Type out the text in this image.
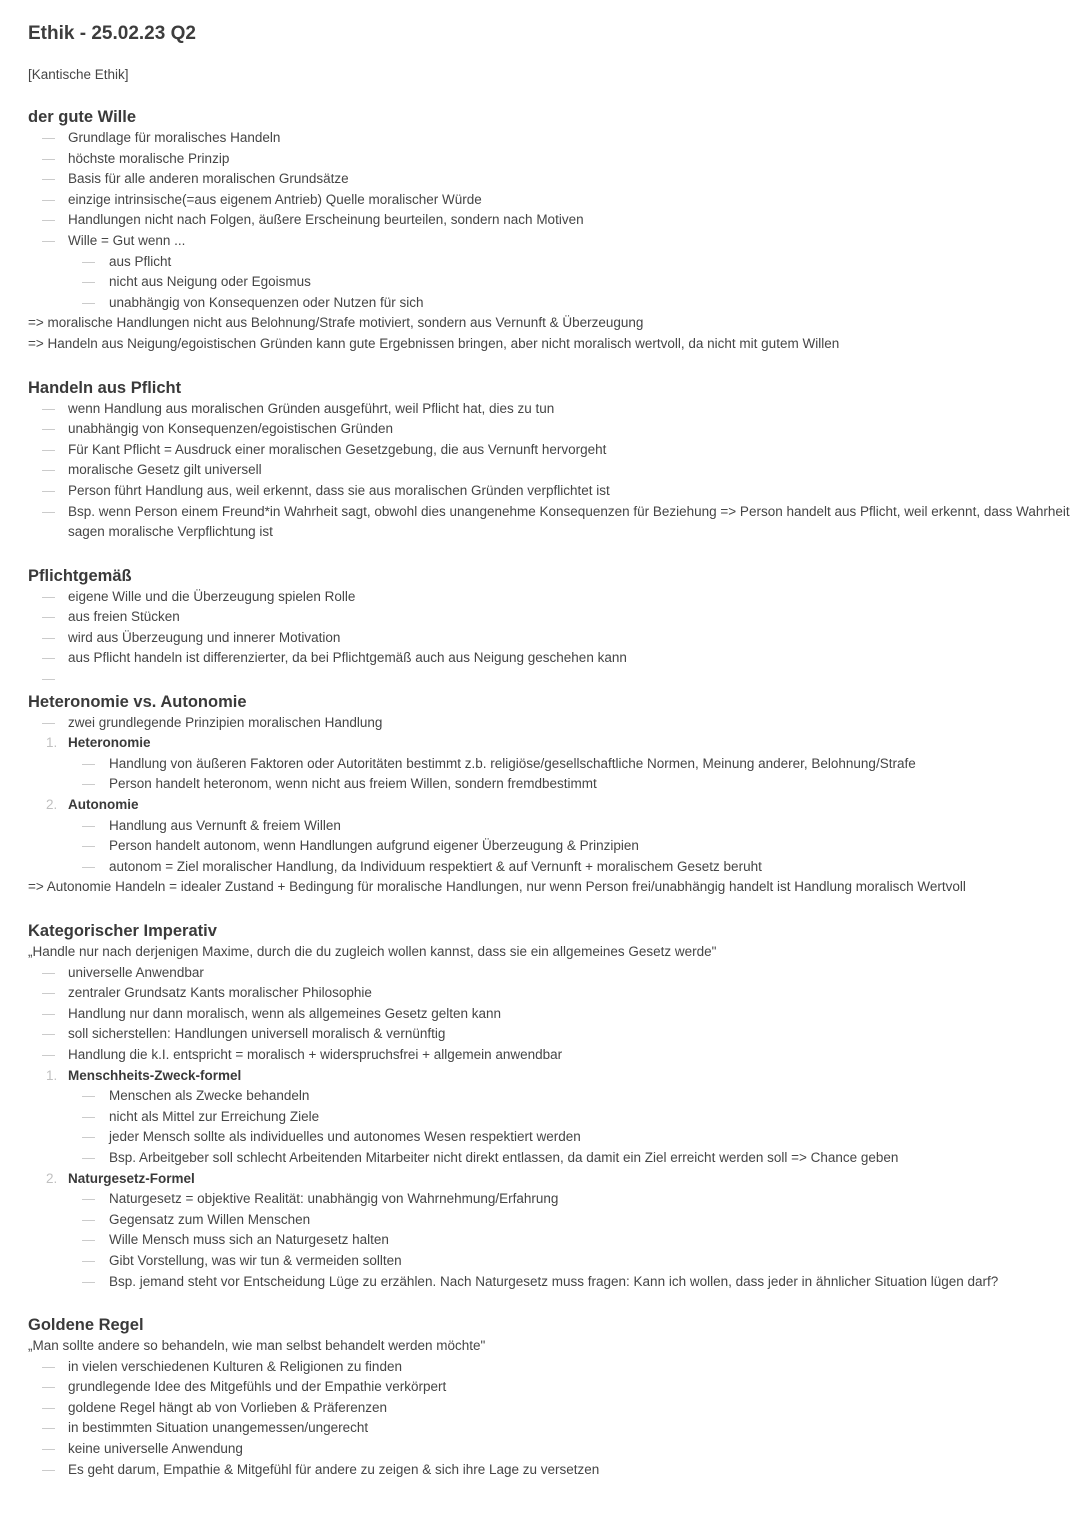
Ethik - 25.02.23 Q2
[Kantische Ethik]
der gute Wille
— Grundlage für moralisches Handeln
— höchste moralische Prinzip
— Basis für alle anderen moralischen Grundsätze
— einzige intrinsische(=aus eigenem Antrieb) Quelle moralischer Würde
— Handlungen nicht nach Folgen, äußere Erscheinung beurteilen, sondern nach Motiven
— Wille = Gut wenn ...
— aus Pflicht
— nicht aus Neigung oder Egoismus
— unabhängig von Konsequenzen oder Nutzen für sich
=> moralische Handlungen nicht aus Belohnung/Strafe motiviert, sondern aus Vernunft & Überzeugung
=> Handeln aus Neigung/egoistischen Gründen kann gute Ergebnissen bringen, aber nicht moralisch wertvoll, da nicht mit gutem Willen
Handeln aus Pflicht
— wenn Handlung aus moralischen Gründen ausgeführt, weil Pflicht hat, dies zu tun
— unabhängig von Konsequenzen/egoistischen Gründen
— Für Kant Pflicht = Ausdruck einer moralischen Gesetzgebung, die aus Vernunft hervorgeht
— moralische Gesetz gilt universell
— Person führt Handlung aus, weil erkennt, dass sie aus moralischen Gründen verpflichtet ist
— Bsp. wenn Person einem Freund*in Wahrheit sagt, obwohl dies unangenehme Konsequenzen für Beziehung => Person handelt aus Pflicht, weil erkennt, dass Wahrheit sagen moralische Verpflichtung ist
Pflichtgemäß
— eigene Wille und die Überzeugung spielen Rolle
— aus freien Stücken
— wird aus Überzeugung und innerer Motivation
— aus Pflicht handeln ist differenzierter, da bei Pflichtgemäß auch aus Neigung geschehen kann
—

Heteronomie vs. Autonomie
— zwei grundlegende Prinzipien moralischen Handlung
1. Heteronomie
— Handlung von äußeren Faktoren oder Autoritäten bestimmt z.b. religiöse/gesellschaftliche Normen, Meinung anderer, Belohnung/Strafe
— Person handelt heteronom, wenn nicht aus freiem Willen, sondern fremdbestimmt
2. Autonomie
— Handlung aus Vernunft & freiem Willen
— Person handelt autonom, wenn Handlungen aufgrund eigener Überzeugung & Prinzipien
— autonom = Ziel moralischer Handlung, da Individuum respektiert & auf Vernunft + moralischem Gesetz beruht
=> Autonomie Handeln = idealer Zustand + Bedingung für moralische Handlungen, nur wenn Person frei/unabhängig handelt ist Handlung moralisch Wertvoll
Kategorischer Imperativ
„Handle nur nach derjenigen Maxime, durch die du zugleich wollen kannst, dass sie ein allgemeines Gesetz werde"
— universelle Anwendbar
— zentraler Grundsatz Kants moralischer Philosophie
— Handlung nur dann moralisch, wenn als allgemeines Gesetz gelten kann
— soll sicherstellen: Handlungen universell moralisch & vernünftig
— Handlung die k.I. entspricht = moralisch + widerspruchsfrei + allgemein anwendbar
1. Menschheits-Zweck-formel
— Menschen als Zwecke behandeln
— nicht als Mittel zur Erreichung Ziele
— jeder Mensch sollte als individuelles und autonomes Wesen respektiert werden
— Bsp. Arbeitgeber soll schlecht Arbeitenden Mitarbeiter nicht direkt entlassen, da damit ein Ziel erreicht werden soll => Chance geben
2. Naturgesetz-Formel
— Naturgesetz = objektive Realität: unabhängig von Wahrnehmung/Erfahrung
— Gegensatz zum Willen Menschen
— Wille Mensch muss sich an Naturgesetz halten
— Gibt Vorstellung, was wir tun & vermeiden sollten
— Bsp. jemand steht vor Entscheidung Lüge zu erzählen. Nach Naturgesetz muss fragen: Kann ich wollen, dass jeder in ähnlicher Situation lügen darf?
Goldene Regel
„Man sollte andere so behandeln, wie man selbst behandelt werden möchte"
— in vielen verschiedenen Kulturen & Religionen zu finden
— grundlegende Idee des Mitgefühls und der Empathie verkörpert
— goldene Regel hängt ab von Vorlieben & Präferenzen
— in bestimmten Situation unangemessen/ungerecht
— keine universelle Anwendung
— Es geht darum, Empathie & Mitgefühl für andere zu zeigen & sich ihre Lage zu versetzen
